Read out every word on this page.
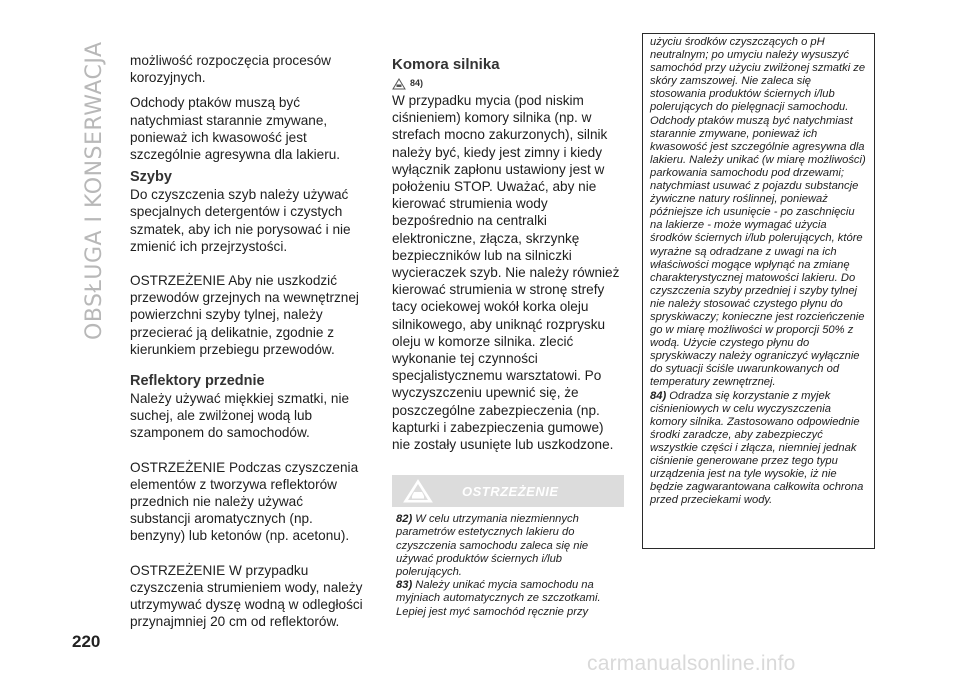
OBSŁUGA I KONSERWACJA możliwość rozpoczęcia procesów korozyjnych.

Odchody ptaków muszą być natychmiast starannie zmywane, ponieważ ich kwasowość jest szczególnie agresywna dla lakieru.

Szyby

Do czyszczenia szyb należy używać specjalnych detergentów i czystych szmatek, aby ich nie porysować i nie zmienić ich przejrzystości.

OSTRZEŻENIE Aby nie uszkodzić przewodów grzejnych na wewnętrznej powierzchni szyby tylnej, należy przecierać ją delikatnie, zgodnie z kierunkiem przebiegu przewodów.

Reflektory przednie

Należy używać miękkiej szmatki, nie suchej, ale zwilżonej wodą lub szamponem do samochodów.

OSTRZEŻENIE Podczas czyszczenia elementów z tworzywa reflektorów przednich nie należy używać substancji aromatycznych (np. benzyny) lub ketonów (np. acetonu).

OSTRZEŻENIE W przypadku czyszczenia strumieniem wody, należy utrzymywać dyszę wodną w odległości przynajmniej 20 cm od reflektorów.

Komora silnika
84)

W przypadku mycia (pod niskim ciśnieniem) komory silnika (np. w strefach mocno zakurzonych), silnik należy być, kiedy jest zimny i kiedy wyłącznik zapłonu ustawiony jest w położeniu STOP. Uważać, aby nie kierować strumienia wody bezpośrednio na centralki elektroniczne, złącza, skrzynkę bezpieczników lub na silniczki wycieraczek szyb. Nie należy również kierować strumienia w stronę strefy tacy ociekowej wokół korka oleju silnikowego, aby uniknąć rozprysku oleju w komorze silnika. zlecić wykonanie tej czynności specjalistycznemu warsztatowi. Po wyczyszczeniu upewnić się, że poszczególne zabezpieczenia (np. kapturki i zabezpieczenia gumowe) nie zostały usunięte lub uszkodzone.

OSTRZEŻENIE

82) W celu utrzymania niezmiennych parametrów estetycznych lakieru do czyszczenia samochodu zaleca się nie używać produktów ściernych i/lub polerujących.

83) Należy unikać mycia samochodu na myjniach automatycznych ze szczotkami. Lepiej jest myć samochód ręcznie przy

użyciu środków czyszczących o pH neutralnym; po umyciu należy wysuszyć samochód przy użyciu zwilżonej szmatki ze skóry zamszowej. Nie zaleca się stosowania produktów ściernych i/lub polerujących do pielęgnacji samochodu. Odchody ptaków muszą być natychmiast starannie zmywane, ponieważ ich kwasowość jest szczególnie agresywna dla lakieru. Należy unikać (w miarę możliwości) parkowania samochodu pod drzewami; natychmiast usuwać z pojazdu substancje żywiczne natury roślinnej, ponieważ późniejsze ich usunięcie - po zaschnięciu na lakierze - może wymagać użycia środków ściernych i/lub polerujących, które wyrażne są odradzane z uwagi na ich właściwości mogące wpłynąć na zmianę charakterystycznej matowości lakieru. Do czyszczenia szyby przedniej i szyby tylnej nie należy stosować czystego płynu do spryskiwaczy; konieczne jest rozcieńczenie go w miarę możliwości w proporcji 50% z wodą. Użycie czystego płynu do spryskiwaczy należy ograniczyć wyłącznie do sytuacji ściśle uwarunkowanych od temperatury zewnętrznej.

84) Odradza się korzystanie z myjek ciśnieniowych w celu wyczyszczenia komory silnika. Zastosowano odpowiednie środki zaradcze, aby zabezpieczyć wszystkie części i złącza, niemniej jednak ciśnienie generowane przez tego typu urządzenia jest na tyle wysokie, iż nie będzie zagwarantowana całkowita ochrona przed przeciekami wody.

220
carmanualsonline.info
